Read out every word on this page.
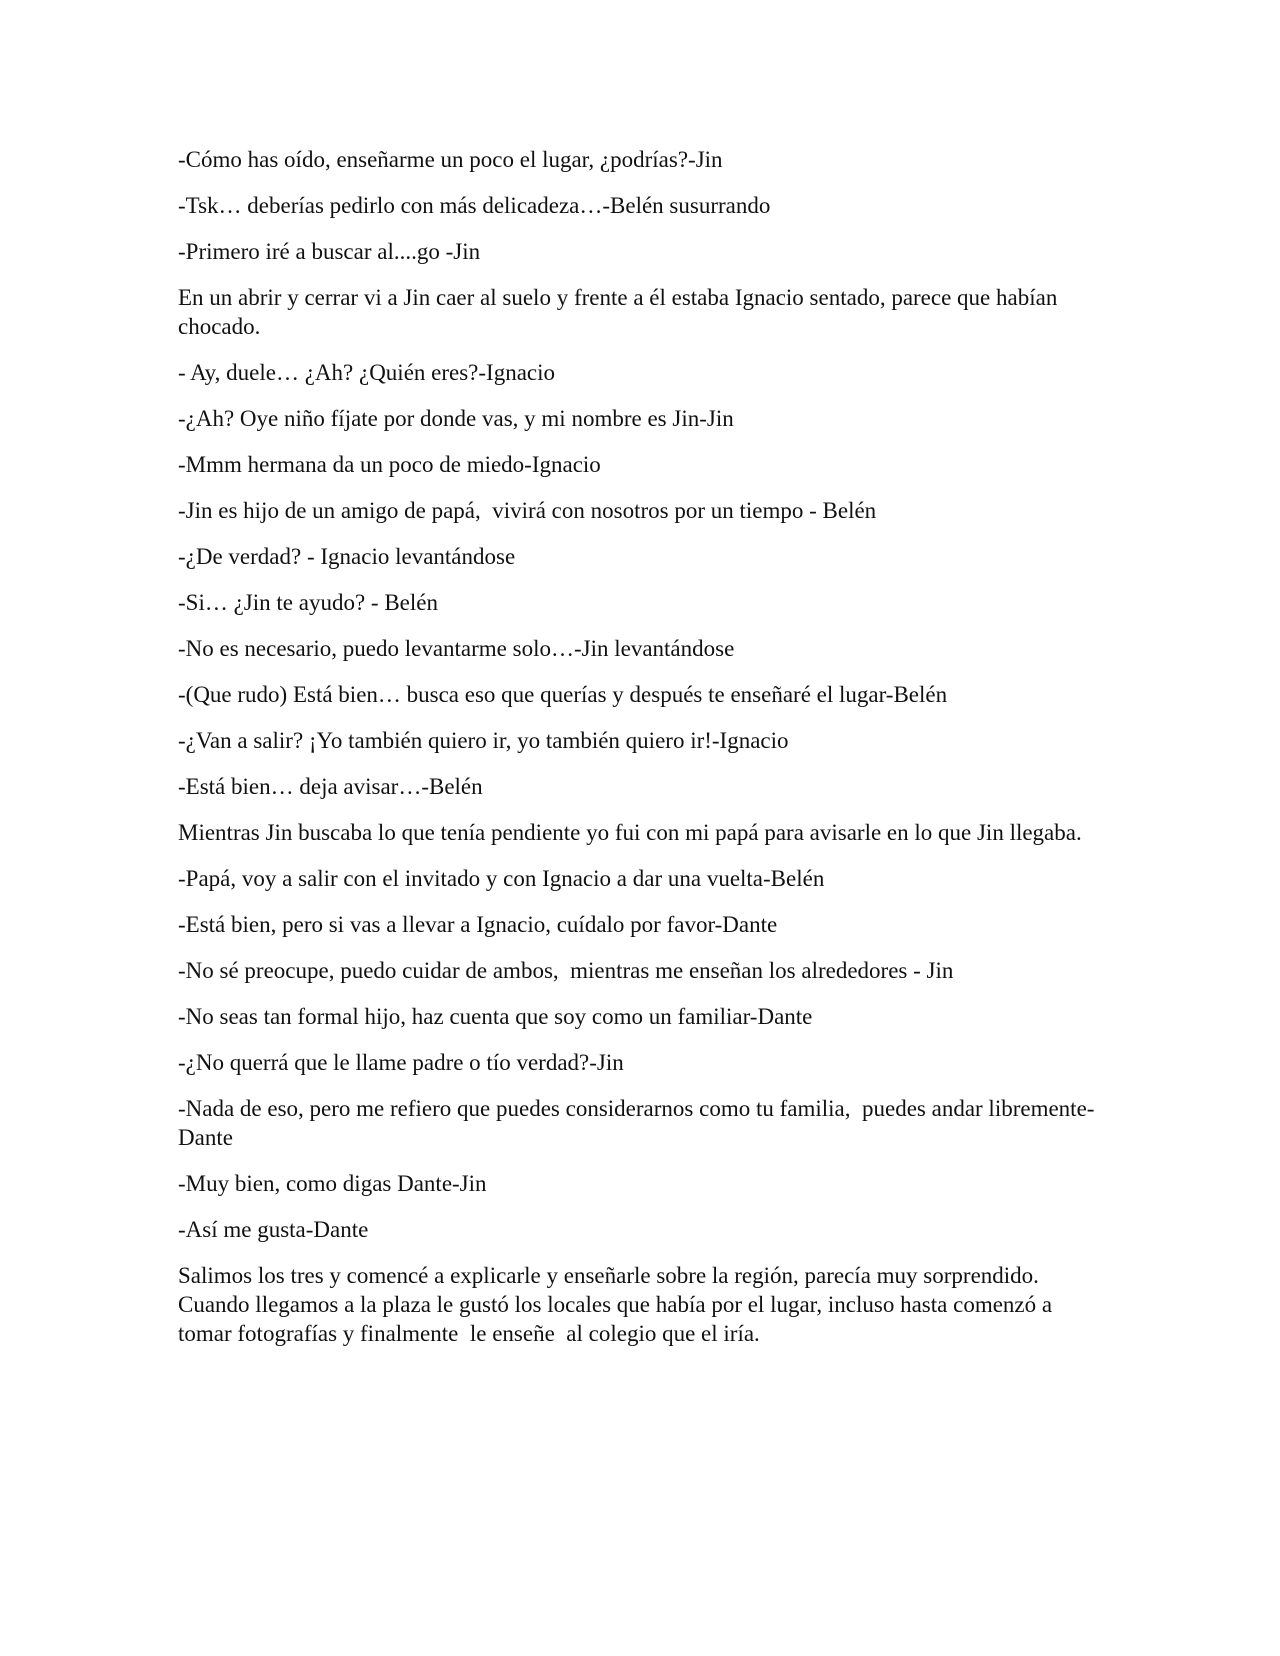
-Cómo has oído, enseñarme un poco el lugar, ¿podrías?-Jin

-Tsk… deberías pedirlo con más delicadeza…-Belén susurrando

-Primero iré a buscar al....go -Jin

En un abrir y cerrar vi a Jin caer al suelo y frente a él estaba Ignacio sentado, parece que habían chocado.

- Ay, duele… ¿Ah? ¿Quién eres?-Ignacio

-¿Ah? Oye niño fíjate por donde vas, y mi nombre es Jin-Jin

-Mmm hermana da un poco de miedo-Ignacio

-Jin es hijo de un amigo de papá,  vivirá con nosotros por un tiempo - Belén

-¿De verdad? - Ignacio levantándose

-Si… ¿Jin te ayudo? - Belén

-No es necesario, puedo levantarme solo…-Jin levantándose

-(Que rudo) Está bien… busca eso que querías y después te enseñaré el lugar-Belén

-¿Van a salir? ¡Yo también quiero ir, yo también quiero ir!-Ignacio

-Está bien… deja avisar…-Belén

Mientras Jin buscaba lo que tenía pendiente yo fui con mi papá para avisarle en lo que Jin llegaba.

-Papá, voy a salir con el invitado y con Ignacio a dar una vuelta-Belén

-Está bien, pero si vas a llevar a Ignacio, cuídalo por favor-Dante

-No sé preocupe, puedo cuidar de ambos,  mientras me enseñan los alrededores - Jin

-No seas tan formal hijo, haz cuenta que soy como un familiar-Dante

-¿No querrá que le llame padre o tío verdad?-Jin

-Nada de eso, pero me refiero que puedes considerarnos como tu familia,  puedes andar libremente- Dante

-Muy bien, como digas Dante-Jin

-Así me gusta-Dante

Salimos los tres y comencé a explicarle y enseñarle sobre la región, parecía muy sorprendido. Cuando llegamos a la plaza le gustó los locales que había por el lugar, incluso hasta comenzó a tomar fotografías y finalmente  le enseñe  al colegio que el iría.
